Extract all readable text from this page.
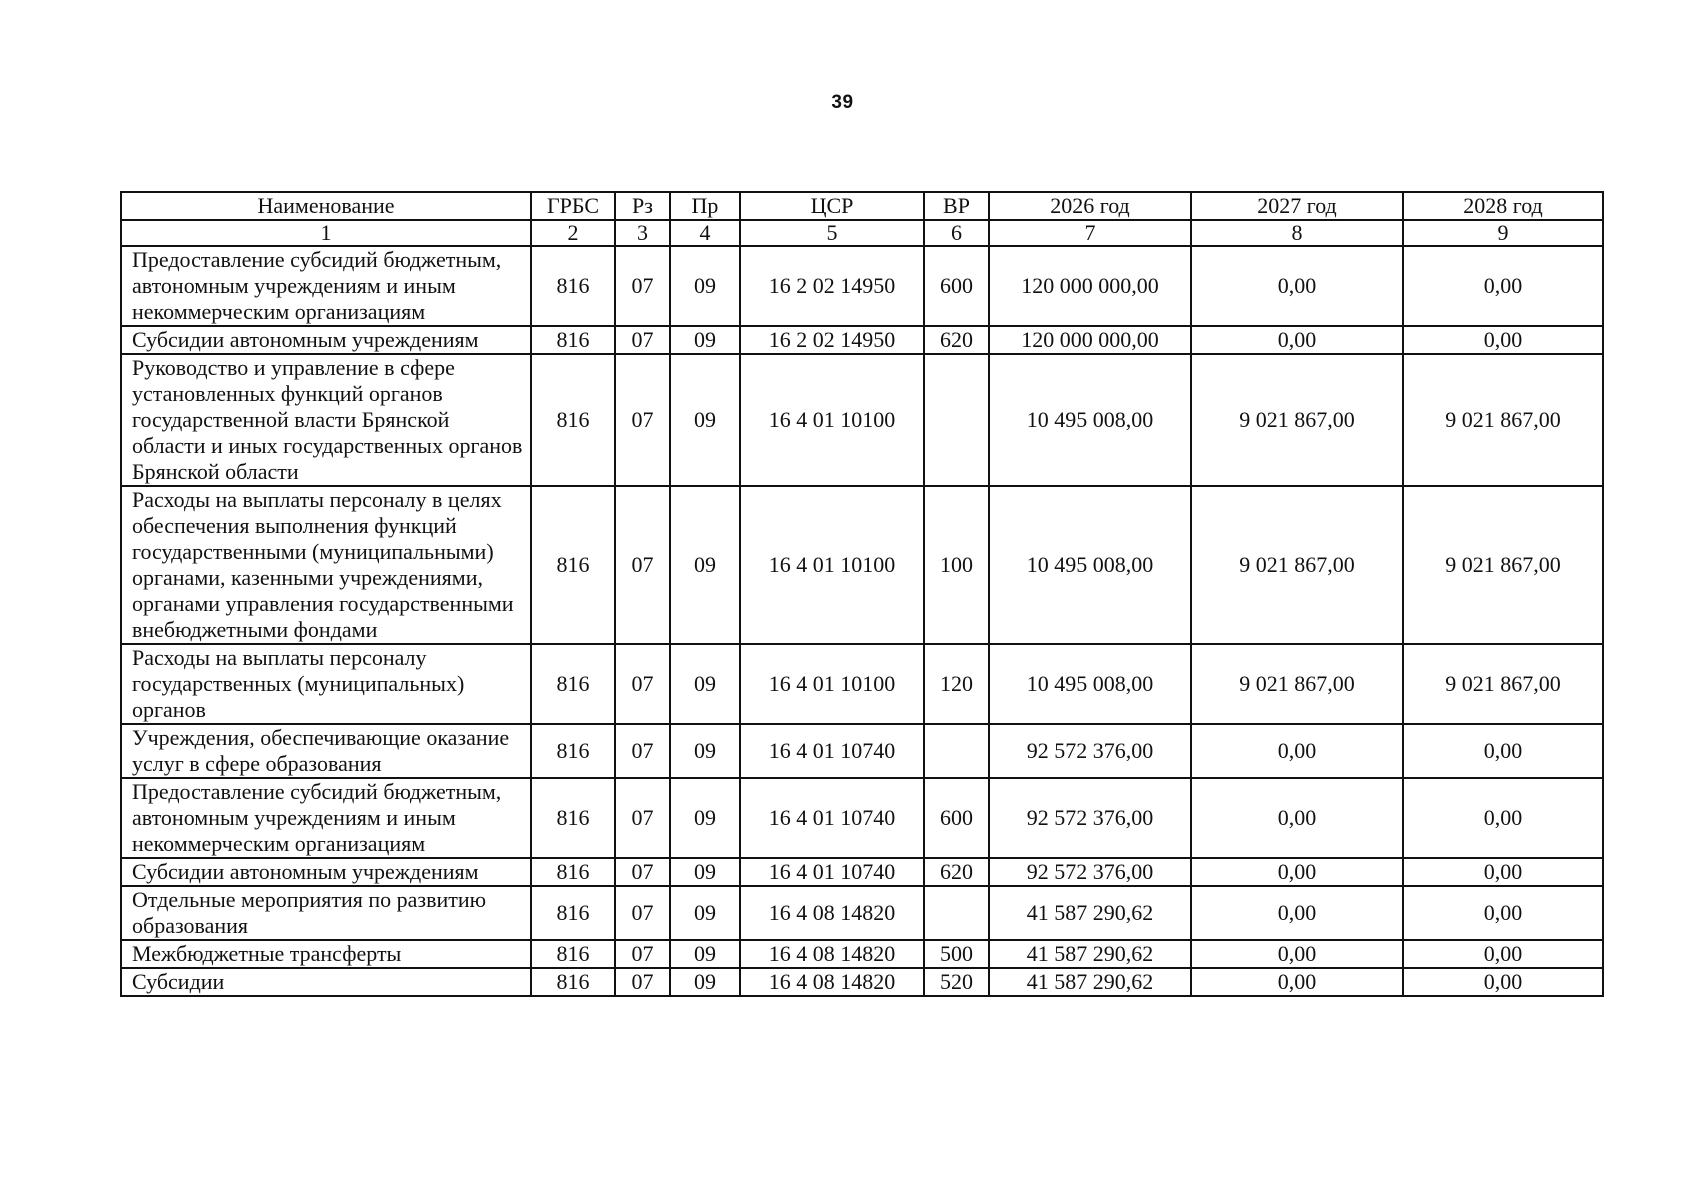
39
Наименование	ГРБС	Рз	Пр	ЦСР	ВР	2026 год	2027 год	2028 год
1	2	3	4	5	6	7	8	9
Предоставление субсидий бюджетным, автономным учреждениям и иным некоммерческим организациям	816	07	09	16 2 02 14950	600	120 000 000,00	0,00	0,00
Субсидии автономным учреждениям	816	07	09	16 2 02 14950	620	120 000 000,00	0,00	0,00
Руководство и управление в сфере установленных функций органов государственной власти Брянской области и иных государственных органов Брянской области	816	07	09	16 4 01 10100		10 495 008,00	9 021 867,00	9 021 867,00
Расходы на выплаты персоналу в целях обеспечения выполнения функций государственными (муниципальными) органами, казенными учреждениями, органами управления государственными внебюджетными фондами	816	07	09	16 4 01 10100	100	10 495 008,00	9 021 867,00	9 021 867,00
Расходы на выплаты персоналу государственных (муниципальных) органов	816	07	09	16 4 01 10100	120	10 495 008,00	9 021 867,00	9 021 867,00
Учреждения, обеспечивающие оказание услуг в сфере образования	816	07	09	16 4 01 10740		92 572 376,00	0,00	0,00
Предоставление субсидий бюджетным, автономным учреждениям и иным некоммерческим организациям	816	07	09	16 4 01 10740	600	92 572 376,00	0,00	0,00
Субсидии автономным учреждениям	816	07	09	16 4 01 10740	620	92 572 376,00	0,00	0,00
Отдельные мероприятия по развитию образования	816	07	09	16 4 08 14820		41 587 290,62	0,00	0,00
Межбюджетные трансферты	816	07	09	16 4 08 14820	500	41 587 290,62	0,00	0,00
Субсидии	816	07	09	16 4 08 14820	520	41 587 290,62	0,00	0,00
